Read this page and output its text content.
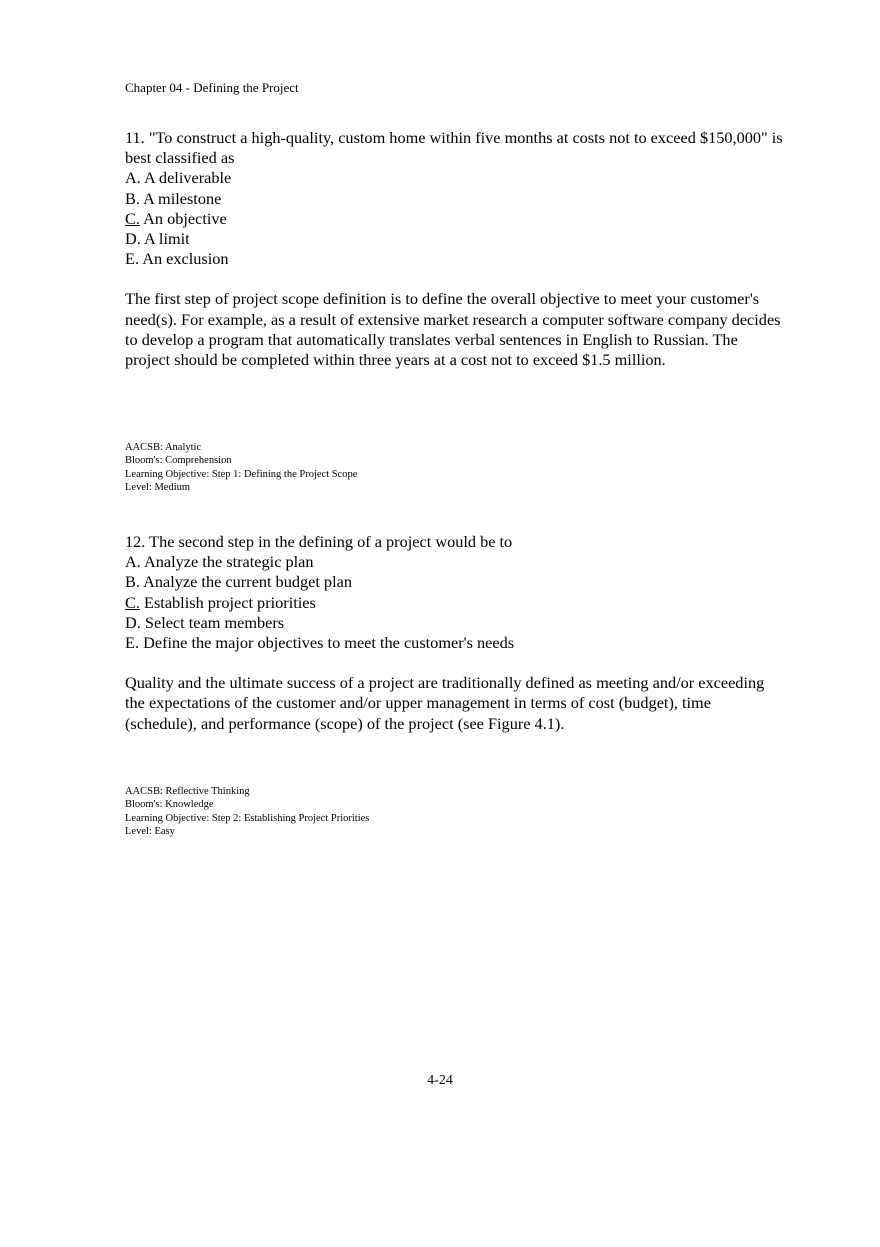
Chapter 04 - Defining the Project
11. "To construct a high-quality, custom home within five months at costs not to exceed $150,000" is best classified as
A. A deliverable
B. A milestone
C. An objective
D. A limit
E. An exclusion
The first step of project scope definition is to define the overall objective to meet your customer's need(s). For example, as a result of extensive market research a computer software company decides to develop a program that automatically translates verbal sentences in English to Russian. The project should be completed within three years at a cost not to exceed $1.5 million.
AACSB: Analytic
Bloom's: Comprehension
Learning Objective: Step 1: Defining the Project Scope
Level: Medium
12. The second step in the defining of a project would be to
A. Analyze the strategic plan
B. Analyze the current budget plan
C. Establish project priorities
D. Select team members
E. Define the major objectives to meet the customer's needs
Quality and the ultimate success of a project are traditionally defined as meeting and/or exceeding the expectations of the customer and/or upper management in terms of cost (budget), time (schedule), and performance (scope) of the project (see Figure 4.1).
AACSB: Reflective Thinking
Bloom's: Knowledge
Learning Objective: Step 2: Establishing Project Priorities
Level: Easy
4-24
